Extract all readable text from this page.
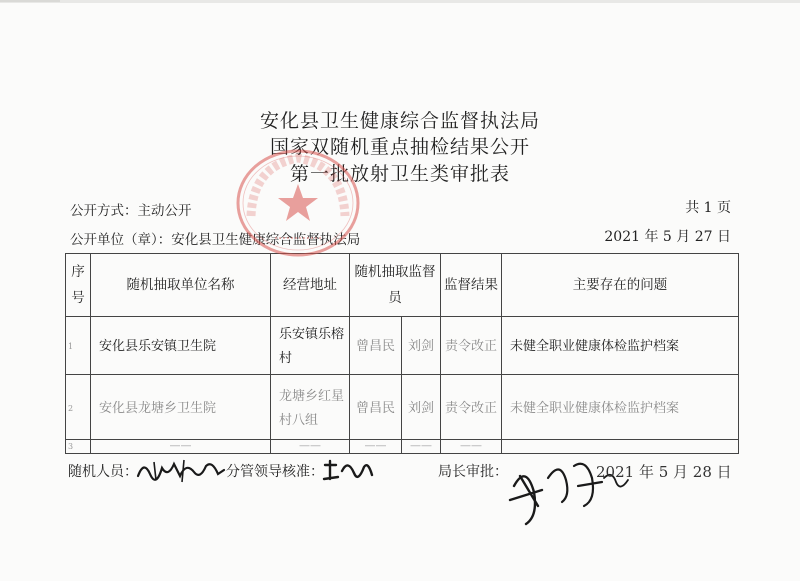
安化县卫生健康综合监督执法局
国家双随机重点抽检结果公开
第一批放射卫生类审批表
公开方式：主动公开	共 1 页
公开单位（章）：安化县卫生健康综合监督执法局	2021 年 5 月 27 日
序号	随机抽取单位名称	经营地址	随机抽取监督员		监督结果	主要存在的问题
1	安化县乐安镇卫生院	乐安镇乐榕村	曾昌民	刘剑	责令改正	未健全职业健康体检监护档案
2	安化县龙塘乡卫生院	龙塘乡红星村八组	曾昌民	刘剑	责令改正	未健全职业健康体检监护档案
3	——	——	——	——	——	
随机人员：	分管领导核准：	局长审批：	2021 年 5 月 28 日
